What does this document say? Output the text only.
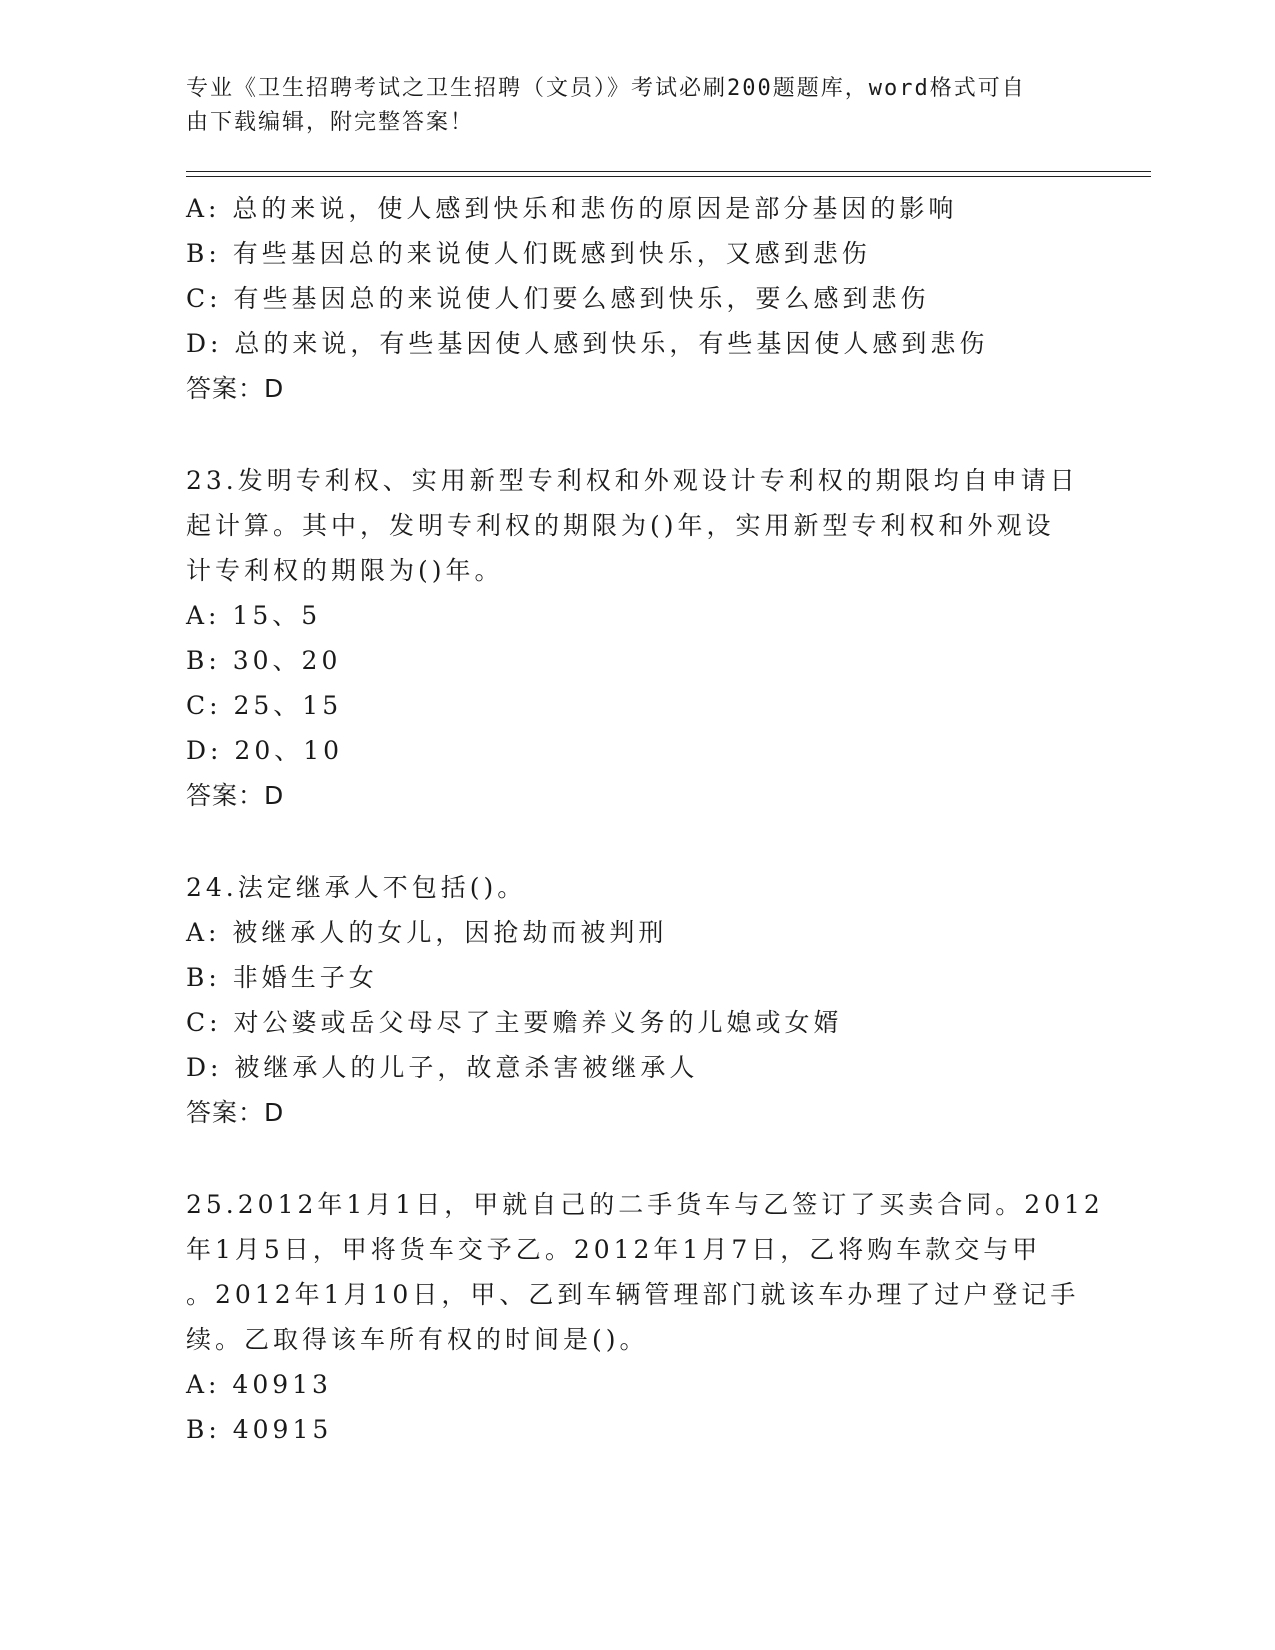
专业《卫生招聘考试之卫生招聘（文员）》考试必刷200题题库，word格式可自
由下载编辑，附完整答案！
A: 总的来说，使人感到快乐和悲伤的原因是部分基因的影响
B: 有些基因总的来说使人们既感到快乐，又感到悲伤
C: 有些基因总的来说使人们要么感到快乐，要么感到悲伤
D: 总的来说，有些基因使人感到快乐，有些基因使人感到悲伤
答案：D
23.发明专利权、实用新型专利权和外观设计专利权的期限均自申请日
起计算。其中，发明专利权的期限为()年，实用新型专利权和外观设
计专利权的期限为()年。
A: 15、5
B: 30、20
C: 25、15
D: 20、10
答案：D
24.法定继承人不包括()。
A: 被继承人的女儿，因抢劫而被判刑
B: 非婚生子女
C: 对公婆或岳父母尽了主要赡养义务的儿媳或女婿
D: 被继承人的儿子，故意杀害被继承人
答案：D
25.2012年1月1日，甲就自己的二手货车与乙签订了买卖合同。2012
年1月5日，甲将货车交予乙。2012年1月7日，乙将购车款交与甲
。2012年1月10日，甲、乙到车辆管理部门就该车办理了过户登记手
续。乙取得该车所有权的时间是()。
A: 40913
B: 40915
